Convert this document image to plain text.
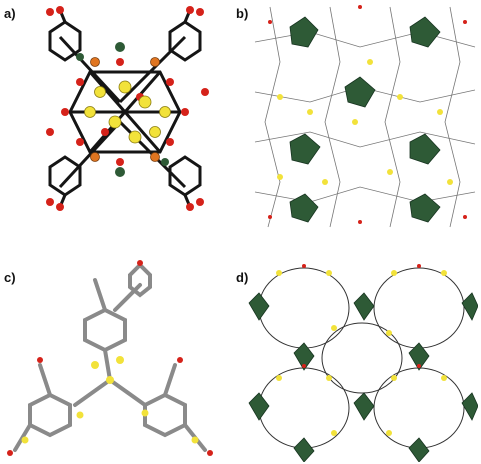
a)	b)
c)	d)
